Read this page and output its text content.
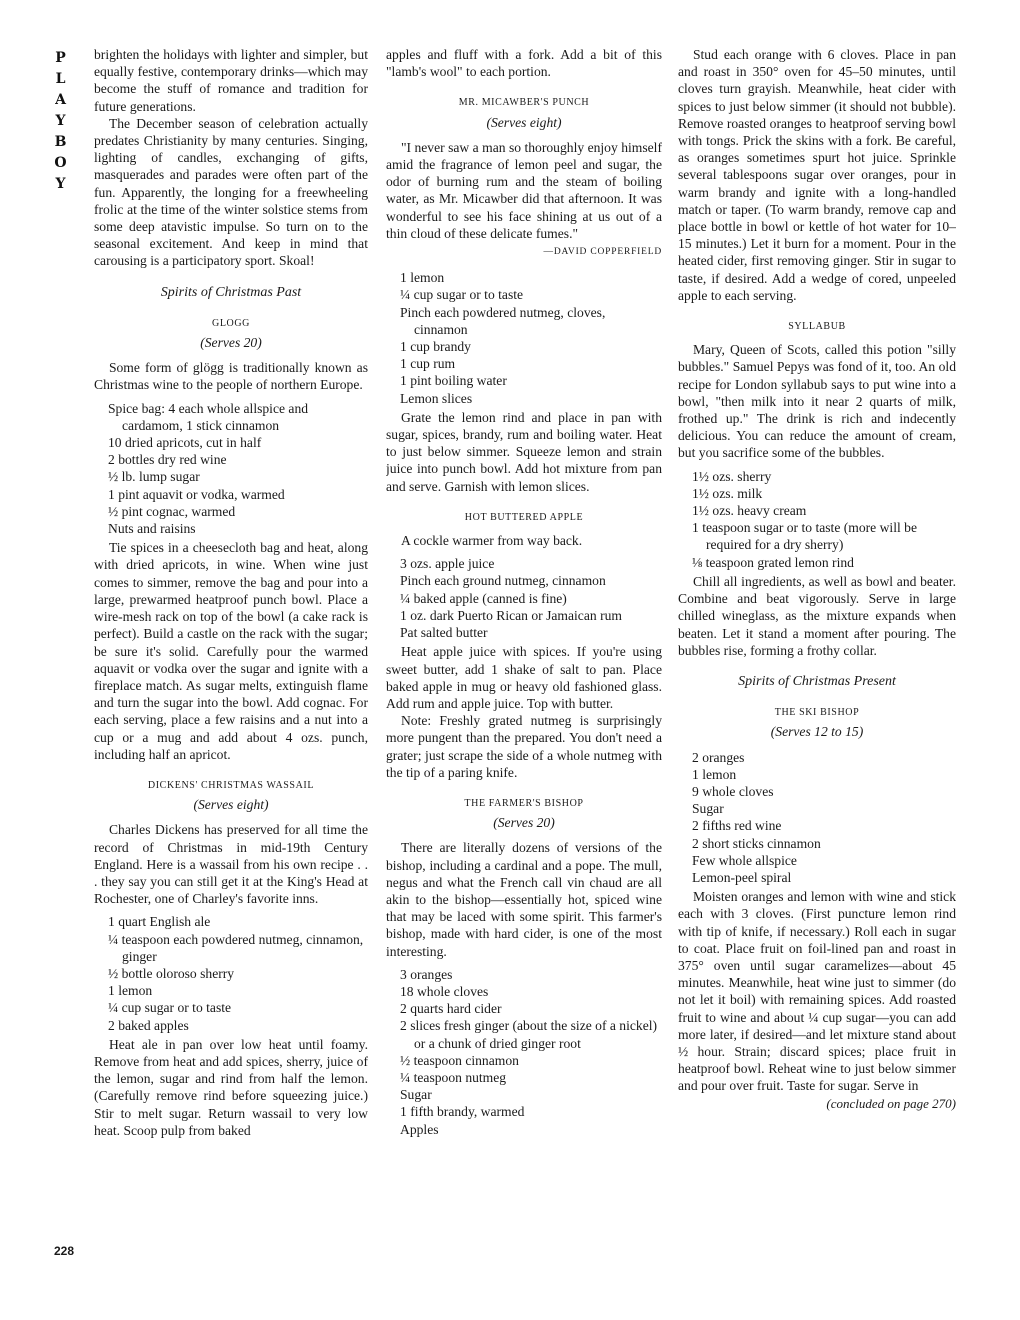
PLAYBOY
228

brighten the holidays with lighter and simpler, but equally festive, contemporary drinks—which may become the stuff of romance and tradition for future generations.

The December season of celebration actually predates Christianity by many centuries. Singing, lighting of candles, exchanging of gifts, masquerades and parades were often part of the fun. Apparently, the longing for a freewheeling frolic at the time of the winter solstice stems from some deep atavistic impulse. So turn on to the seasonal excitement. And keep in mind that carousing is a participatory sport. Skoal!

Spirits of Christmas Past
GLOGG
(Serves 20)

Some form of glögg is traditionally known as Christmas wine to the people of northern Europe.

Spice bag: 4 each whole allspice and cardamom, 1 stick cinnamon
10 dried apricots, cut in half
2 bottles dry red wine
½ lb. lump sugar
1 pint aquavit or vodka, warmed
½ pint cognac, warmed
Nuts and raisins

Tie spices in a cheesecloth bag and heat, along with dried apricots, in wine. When wine just comes to simmer, remove the bag and pour into a large, prewarmed heatproof punch bowl. Place a wire-mesh rack on top of the bowl (a cake rack is perfect). Build a castle on the rack with the sugar; be sure it's solid. Carefully pour the warmed aquavit or vodka over the sugar and ignite with a fireplace match. As sugar melts, extinguish flame and turn the sugar into the bowl. Add cognac. For each serving, place a few raisins and a nut into a cup or a mug and add about 4 ozs. punch, including half an apricot.

DICKENS' CHRISTMAS WASSAIL
(Serves eight)

Charles Dickens has preserved for all time the record of Christmas in mid-19th Century England. Here is a wassail from his own recipe . . . they say you can still get it at the King's Head at Rochester, one of Charley's favorite inns.

1 quart English ale
¼ teaspoon each powdered nutmeg, cinnamon, ginger
½ bottle oloroso sherry
1 lemon
¼ cup sugar or to taste
2 baked apples

Heat ale in pan over low heat until foamy. Remove from heat and add spices, sherry, juice of the lemon, sugar and rind from half the lemon. (Carefully remove rind before squeezing juice.) Stir to melt sugar. Return wassail to very low heat. Scoop pulp from baked

apples and fluff with a fork. Add a bit of this "lamb's wool" to each portion.

MR. MICAWBER'S PUNCH
(Serves eight)

"I never saw a man so thoroughly enjoy himself amid the fragrance of lemon peel and sugar, the odor of burning rum and the steam of boiling water, as Mr. Micawber did that afternoon. It was wonderful to see his face shining at us out of a thin cloud of these delicate fumes."

—DAVID COPPERFIELD
1 lemon
¼ cup sugar or to taste
Pinch each powdered nutmeg, cloves, cinnamon
1 cup brandy
1 cup rum
1 pint boiling water
Lemon slices

Grate the lemon rind and place in pan with sugar, spices, brandy, rum and boiling water. Heat to just below simmer. Squeeze lemon and strain juice into punch bowl. Add hot mixture from pan and serve. Garnish with lemon slices.

HOT BUTTERED APPLE

A cockle warmer from way back.

3 ozs. apple juice
Pinch each ground nutmeg, cinnamon
¼ baked apple (canned is fine)
1 oz. dark Puerto Rican or Jamaican rum
Pat salted butter

Heat apple juice with spices. If you're using sweet butter, add 1 shake of salt to pan. Place baked apple in mug or heavy old fashioned glass. Add rum and apple juice. Top with butter.

Note: Freshly grated nutmeg is surprisingly more pungent than the prepared. You don't need a grater; just scrape the side of a whole nutmeg with the tip of a paring knife.

THE FARMER'S BISHOP
(Serves 20)

There are literally dozens of versions of the bishop, including a cardinal and a pope. The mull, negus and what the French call vin chaud are all akin to the bishop—essentially hot, spiced wine that may be laced with some spirit. This farmer's bishop, made with hard cider, is one of the most interesting.

3 oranges
18 whole cloves
2 quarts hard cider
2 slices fresh ginger (about the size of a nickel) or a chunk of dried ginger root
½ teaspoon cinnamon
¼ teaspoon nutmeg
Sugar
1 fifth brandy, warmed
Apples

Stud each orange with 6 cloves. Place in pan and roast in 350° oven for 45–50 minutes, until cloves turn grayish. Meanwhile, heat cider with spices to just below simmer (it should not bubble). Remove roasted oranges to heatproof serving bowl with tongs. Prick the skins with a fork. Be careful, as oranges sometimes spurt hot juice. Sprinkle several tablespoons sugar over oranges, pour in warm brandy and ignite with a long-handled match or taper. (To warm brandy, remove cap and place bottle in bowl or kettle of hot water for 10–15 minutes.) Let it burn for a moment. Pour in the heated cider, first removing ginger. Stir in sugar to taste, if desired. Add a wedge of cored, unpeeled apple to each serving.

SYLLABUB

Mary, Queen of Scots, called this potion "silly bubbles." Samuel Pepys was fond of it, too. An old recipe for London syllabub says to put wine into a bowl, "then milk into it near 2 quarts of milk, frothed up." The drink is rich and indecently delicious. You can reduce the amount of cream, but you sacrifice some of the bubbles.

1½ ozs. sherry
1½ ozs. milk
1½ ozs. heavy cream
1 teaspoon sugar or to taste (more will be required for a dry sherry)
⅛ teaspoon grated lemon rind

Chill all ingredients, as well as bowl and beater. Combine and beat vigorously. Serve in large chilled wineglass, as the mixture expands when beaten. Let it stand a moment after pouring. The bubbles rise, forming a frothy collar.

Spirits of Christmas Present
THE SKI BISHOP
(Serves 12 to 15)
2 oranges
1 lemon
9 whole cloves
Sugar
2 fifths red wine
2 short sticks cinnamon
Few whole allspice
Lemon-peel spiral

Moisten oranges and lemon with wine and stick each with 3 cloves. (First puncture lemon rind with tip of knife, if necessary.) Roll each in sugar to coat. Place fruit on foil-lined pan and roast in 375° oven until sugar caramelizes—about 45 minutes. Meanwhile, heat wine just to simmer (do not let it boil) with remaining spices. Add roasted fruit to wine and about ¼ cup sugar—you can add more later, if desired—and let mixture stand about ½ hour. Strain; discard spices; place fruit in heatproof bowl. Reheat wine to just below simmer and pour over fruit. Taste for sugar. Serve in

(concluded on page 270)
